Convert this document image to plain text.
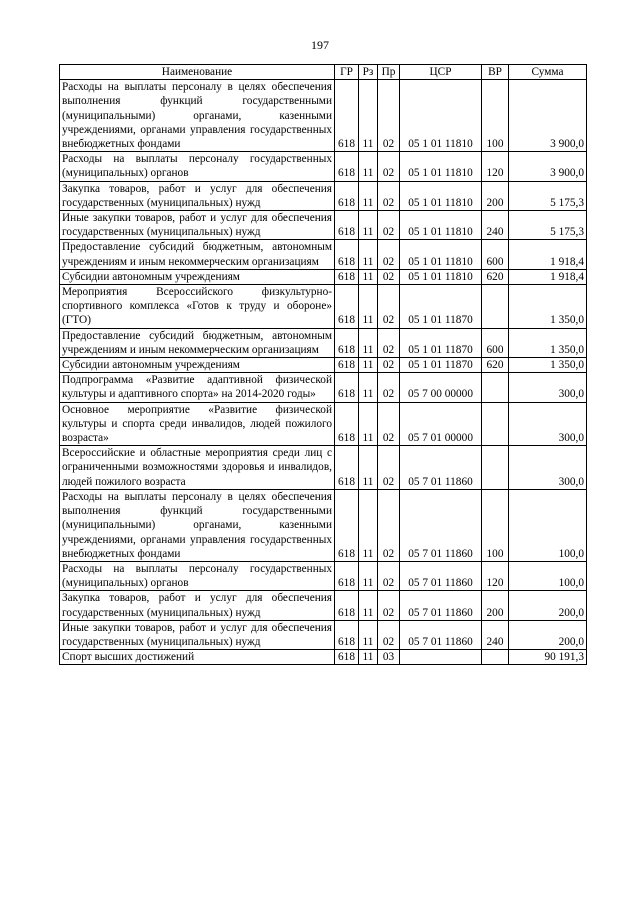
197
Наименование	ГР	Рз	Пр	ЦСР	ВР	Сумма
Расходы на выплаты персоналу в целях обеспечения выполнения функций государственными (муниципальными) органами, казенными учреждениями, органами управления государственных внебюджетных фондами	618	11	02	05 1 01 11810	100	3 900,0
Расходы на выплаты персоналу государственных (муниципальных) органов	618	11	02	05 1 01 11810	120	3 900,0
Закупка товаров, работ и услуг для обеспечения государственных (муниципальных) нужд	618	11	02	05 1 01 11810	200	5 175,3
Иные закупки товаров, работ и услуг для обеспечения государственных (муниципальных) нужд	618	11	02	05 1 01 11810	240	5 175,3
Предоставление субсидий бюджетным, автономным учреждениям и иным некоммерческим организациям	618	11	02	05 1 01 11810	600	1 918,4
Субсидии автономным учреждениям	618	11	02	05 1 01 11810	620	1 918,4
Мероприятия Всероссийского физкультурно-спортивного комплекса «Готов к труду и обороне» (ГТО)	618	11	02	05 1 01 11870		1 350,0
Предоставление субсидий бюджетным, автономным учреждениям и иным некоммерческим организациям	618	11	02	05 1 01 11870	600	1 350,0
Субсидии автономным учреждениям	618	11	02	05 1 01 11870	620	1 350,0
Подпрограмма «Развитие адаптивной физической культуры и адаптивного спорта» на 2014-2020 годы»	618	11	02	05 7 00 00000		300,0
Основное мероприятие «Развитие физической культуры и спорта среди инвалидов, людей пожилого возраста»	618	11	02	05 7 01 00000		300,0
Всероссийские и областные мероприятия среди лиц с ограниченными возможностями здоровья и инвалидов, людей пожилого возраста	618	11	02	05 7 01 11860		300,0
Расходы на выплаты персоналу в целях обеспечения выполнения функций государственными (муниципальными) органами, казенными учреждениями, органами управления государственных внебюджетных фондами	618	11	02	05 7 01 11860	100	100,0
Расходы на выплаты персоналу государственных (муниципальных) органов	618	11	02	05 7 01 11860	120	100,0
Закупка товаров, работ и услуг для обеспечения государственных (муниципальных) нужд	618	11	02	05 7 01 11860	200	200,0
Иные закупки товаров, работ и услуг для обеспечения государственных (муниципальных) нужд	618	11	02	05 7 01 11860	240	200,0
Спорт высших достижений	618	11	03			90 191,3
